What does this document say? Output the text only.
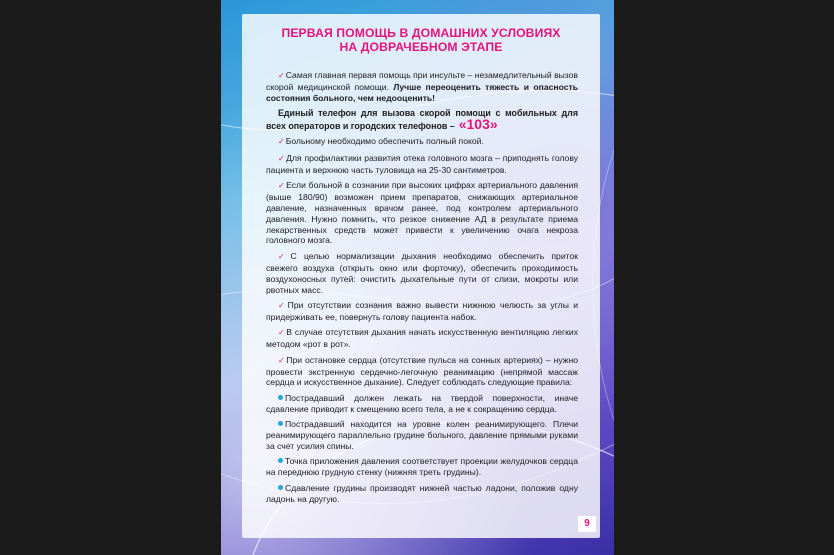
ПЕРВАЯ ПОМОЩЬ В ДОМАШНИХ УСЛОВИЯХ
НА ДОВРАЧЕБНОМ ЭТАПЕ

✓Самая главная первая помощь при инсульте – незамедлительный вызов скорой медицинской помощи. Лучше переоценить тяжесть и опасность состояния больного, чем недооценить!

Единый телефон для вызова скорой помощи с мобильных для всех операторов и городских телефонов – «103»

✓Больному необходимо обеспечить полный покой.

✓Для профилактики развития отека головного мозга – приподнять голову пациента и верхнюю часть туловища на 25-30 сантиметров.

✓Если больной в сознании при высоких цифрах артериального давления (выше 180/90) возможен прием препаратов, снижающих артериальное давление, назначенных врачом ранее, под контролем артериального давления. Нужно помнить, что резкое снижение АД в результате приема лекарственных средств может привести к увеличению очага некроза головного мозга.

✓С целью нормализации дыхания необходимо обеспечить приток свежего воздуха (открыть окно или форточку), обеспечить проходимость воздухоносных путей: очистить дыхательные пути от слизи, мокроты или рвотных масс.

✓При отсутствии сознания важно вывести нижнюю челюсть за углы и придерживать ее, повернуть голову пациента набок.

✓В случае отсутствия дыхания начать искусственную вентиляцию легких методом «рот в рот».

✓При остановке сердца (отсутствие пульса на сонных артериях) – нужно провести экстренную сердечно-легочную реанимацию (непрямой массаж сердца и искусственное дыхание). Следует соблюдать следующие правила:

Пострадавший должен лежать на твердой поверхности, иначе сдавление приводит к смещению всего тела, а не к сокращению сердца.

Пострадавший находится на уровне колен реанимирующего. Плечи реанимирующего параллельно грудине больного, давление прямыми руками за счет усилия спины.

Точка приложения давления соответствует проекции желудочков сердца на переднюю грудную стенку (нижняя треть грудины).

Сдавление грудины производят нижней частью ладони, положив одну ладонь на другую.

9
